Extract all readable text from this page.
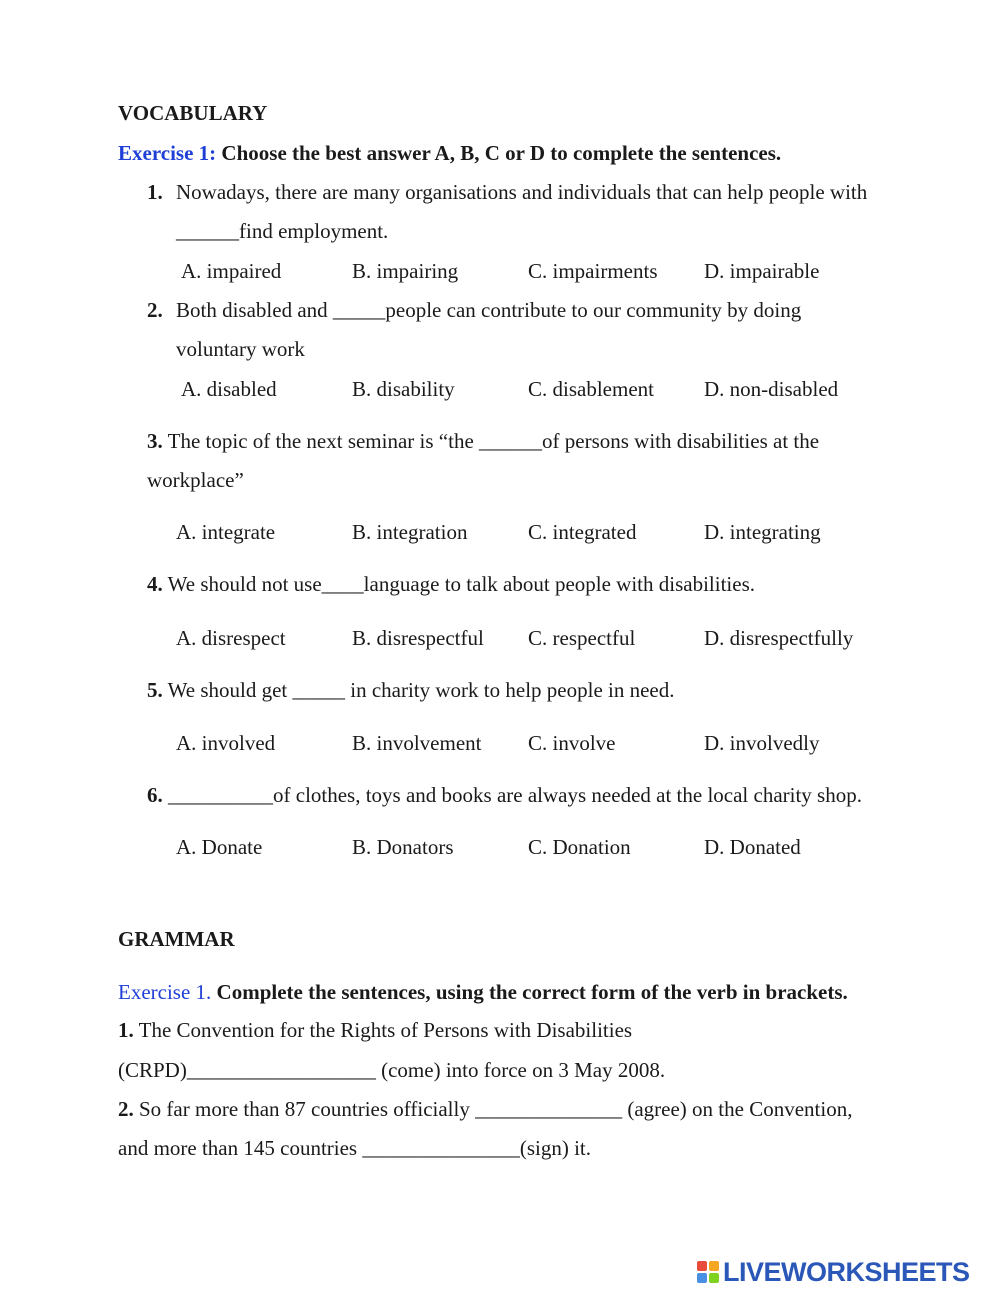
VOCABULARY
Exercise 1: Choose the best answer A, B, C or D to complete the sentences.
1. Nowadays, there are many organisations and individuals that can help people with
______find employment.
A. impaired	B. impairing	C. impairments D. impairable
2. Both disabled and _____people can contribute to our community by doing
voluntary work
A. disabled	B. disability	C. disablement D. non-disabled
3. The topic of the next seminar is “the ______of persons with disabilities at the
workplace”
A. integrate	B. integration	C. integrated	D. integrating
4. We should not use____language to talk about people with disabilities.
A. disrespect	B. disrespectful C. respectful	D. disrespectfully
5. We should get _____ in charity work to help people in need.
A. involved	B. involvement C. involve	D. involvedly
6. __________of clothes, toys and books are always needed at the local charity shop.
A. Donate	B. Donators	C. Donation	D. Donated
GRAMMAR
Exercise 1. Complete the sentences, using the correct form of the verb in brackets.
1. The Convention for the Rights of Persons with Disabilities
(CRPD)__________________ (come) into force on 3 May 2008.
2. So far more than 87 countries officially ______________ (agree) on the Convention,
and more than 145 countries _______________(sign) it.
LIVEWORKSHEETS
